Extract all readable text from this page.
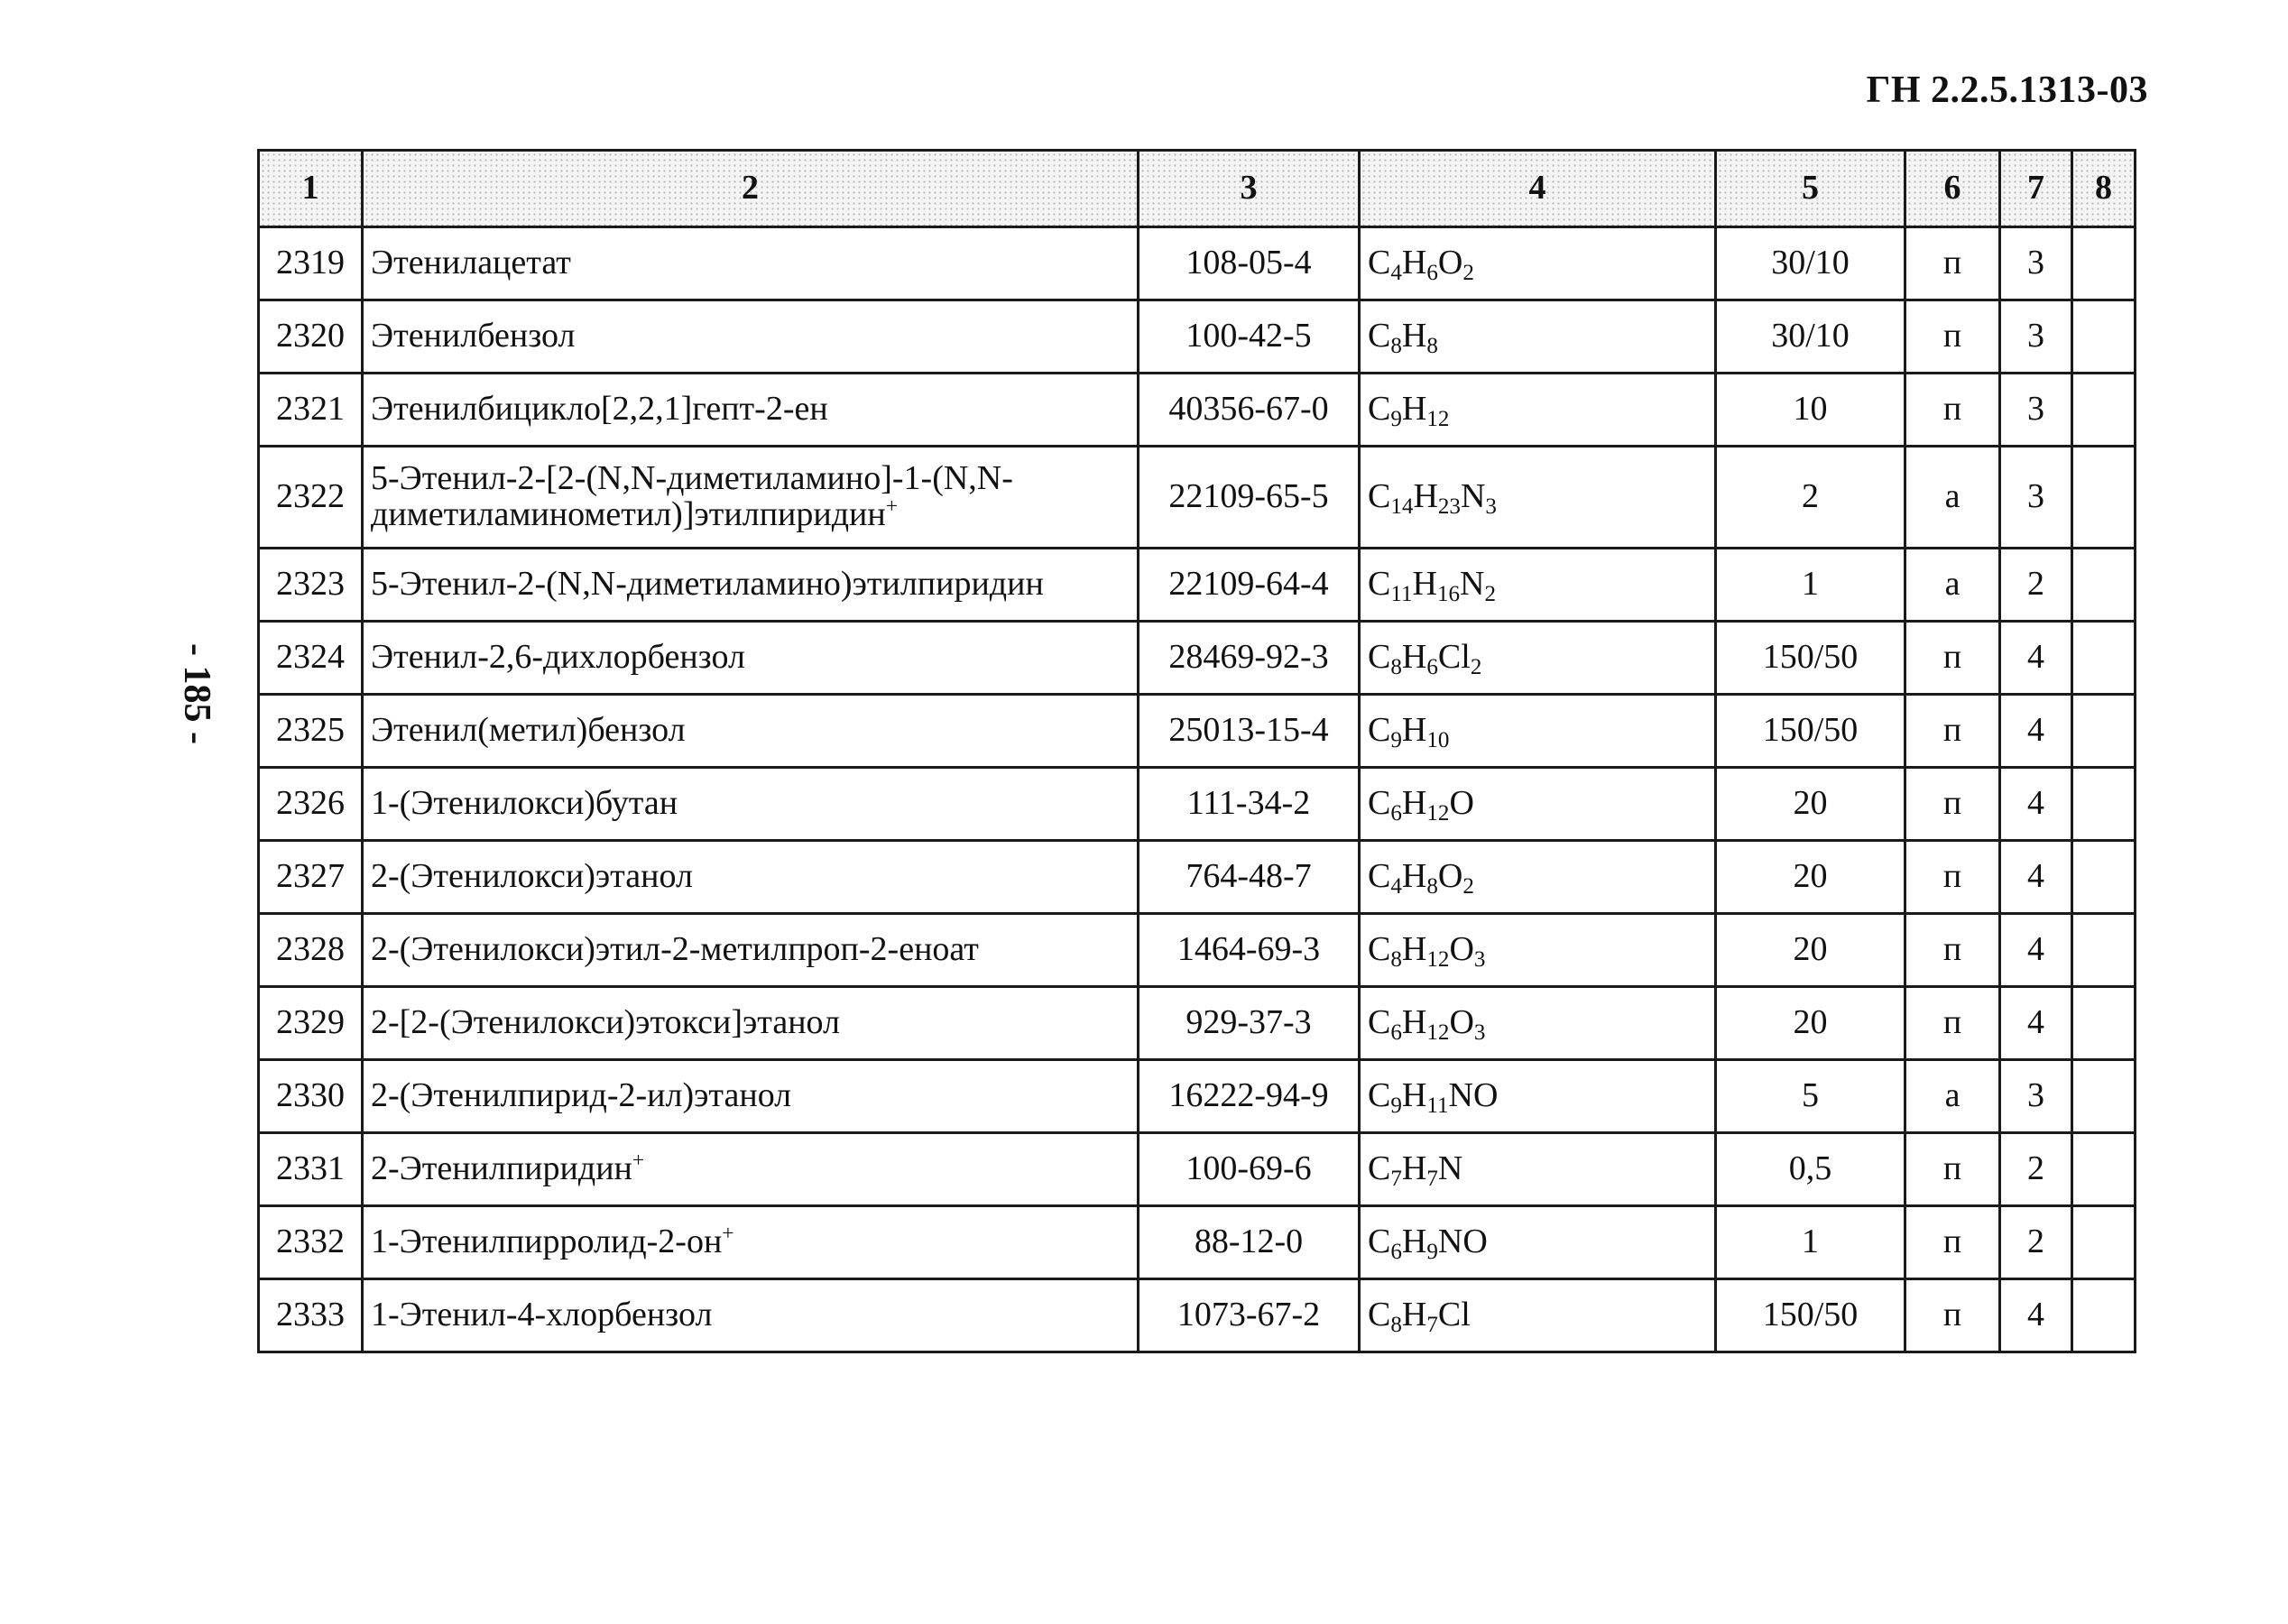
ГН 2.2.5.1313-03
- 185 -
1	2	3	4	5	6	7	8
2319	Этенилацетат	108-05-4	$C_4H_6O_2$	30/10	п	3	
2320	Этенилбензол	100-42-5	$C_8H_8$	30/10	п	3	
2321	Этенилбицикло[2,2,1]гепт-2-ен	40356-67-0	$C_9H_{12}$	10	п	3	
2322	5-Этенил-2-[2-(N,N-диметиламино]-1-(N,N-диметиламинометил)]этилпиридин+	22109-65-5	$C_{14}H_{23}N_3$	2	а	3	
2323	5-Этенил-2-(N,N-диметиламино)этилпиридин	22109-64-4	$C_{11}H_{16}N_2$	1	а	2	
2324	Этенил-2,6-дихлорбензол	28469-92-3	$C_8H_6Cl_2$	150/50	п	4	
2325	Этенил(метил)бензол	25013-15-4	$C_9H_{10}$	150/50	п	4	
2326	1-(Этенилокси)бутан	111-34-2	$C_6H_{12}O$	20	п	4	
2327	2-(Этенилокси)этанол	764-48-7	$C_4H_8O_2$	20	п	4	
2328	2-(Этенилокси)этил-2-метилпроп-2-еноат	1464-69-3	$C_8H_{12}O_3$	20	п	4	
2329	2-[2-(Этенилокси)этокси]этанол	929-37-3	$C_6H_{12}O_3$	20	п	4	
2330	2-(Этенилпирид-2-ил)этанол	16222-94-9	$C_9H_{11}NO$	5	а	3	
2331	2-Этенилпиридин+	100-69-6	$C_7H_7N$	0,5	п	2	
2332	1-Этенилпирролид-2-он+	88-12-0	$C_6H_9NO$	1	п	2	
2333	1-Этенил-4-хлорбензол	1073-67-2	$C_8H_7Cl$	150/50	п	4	
